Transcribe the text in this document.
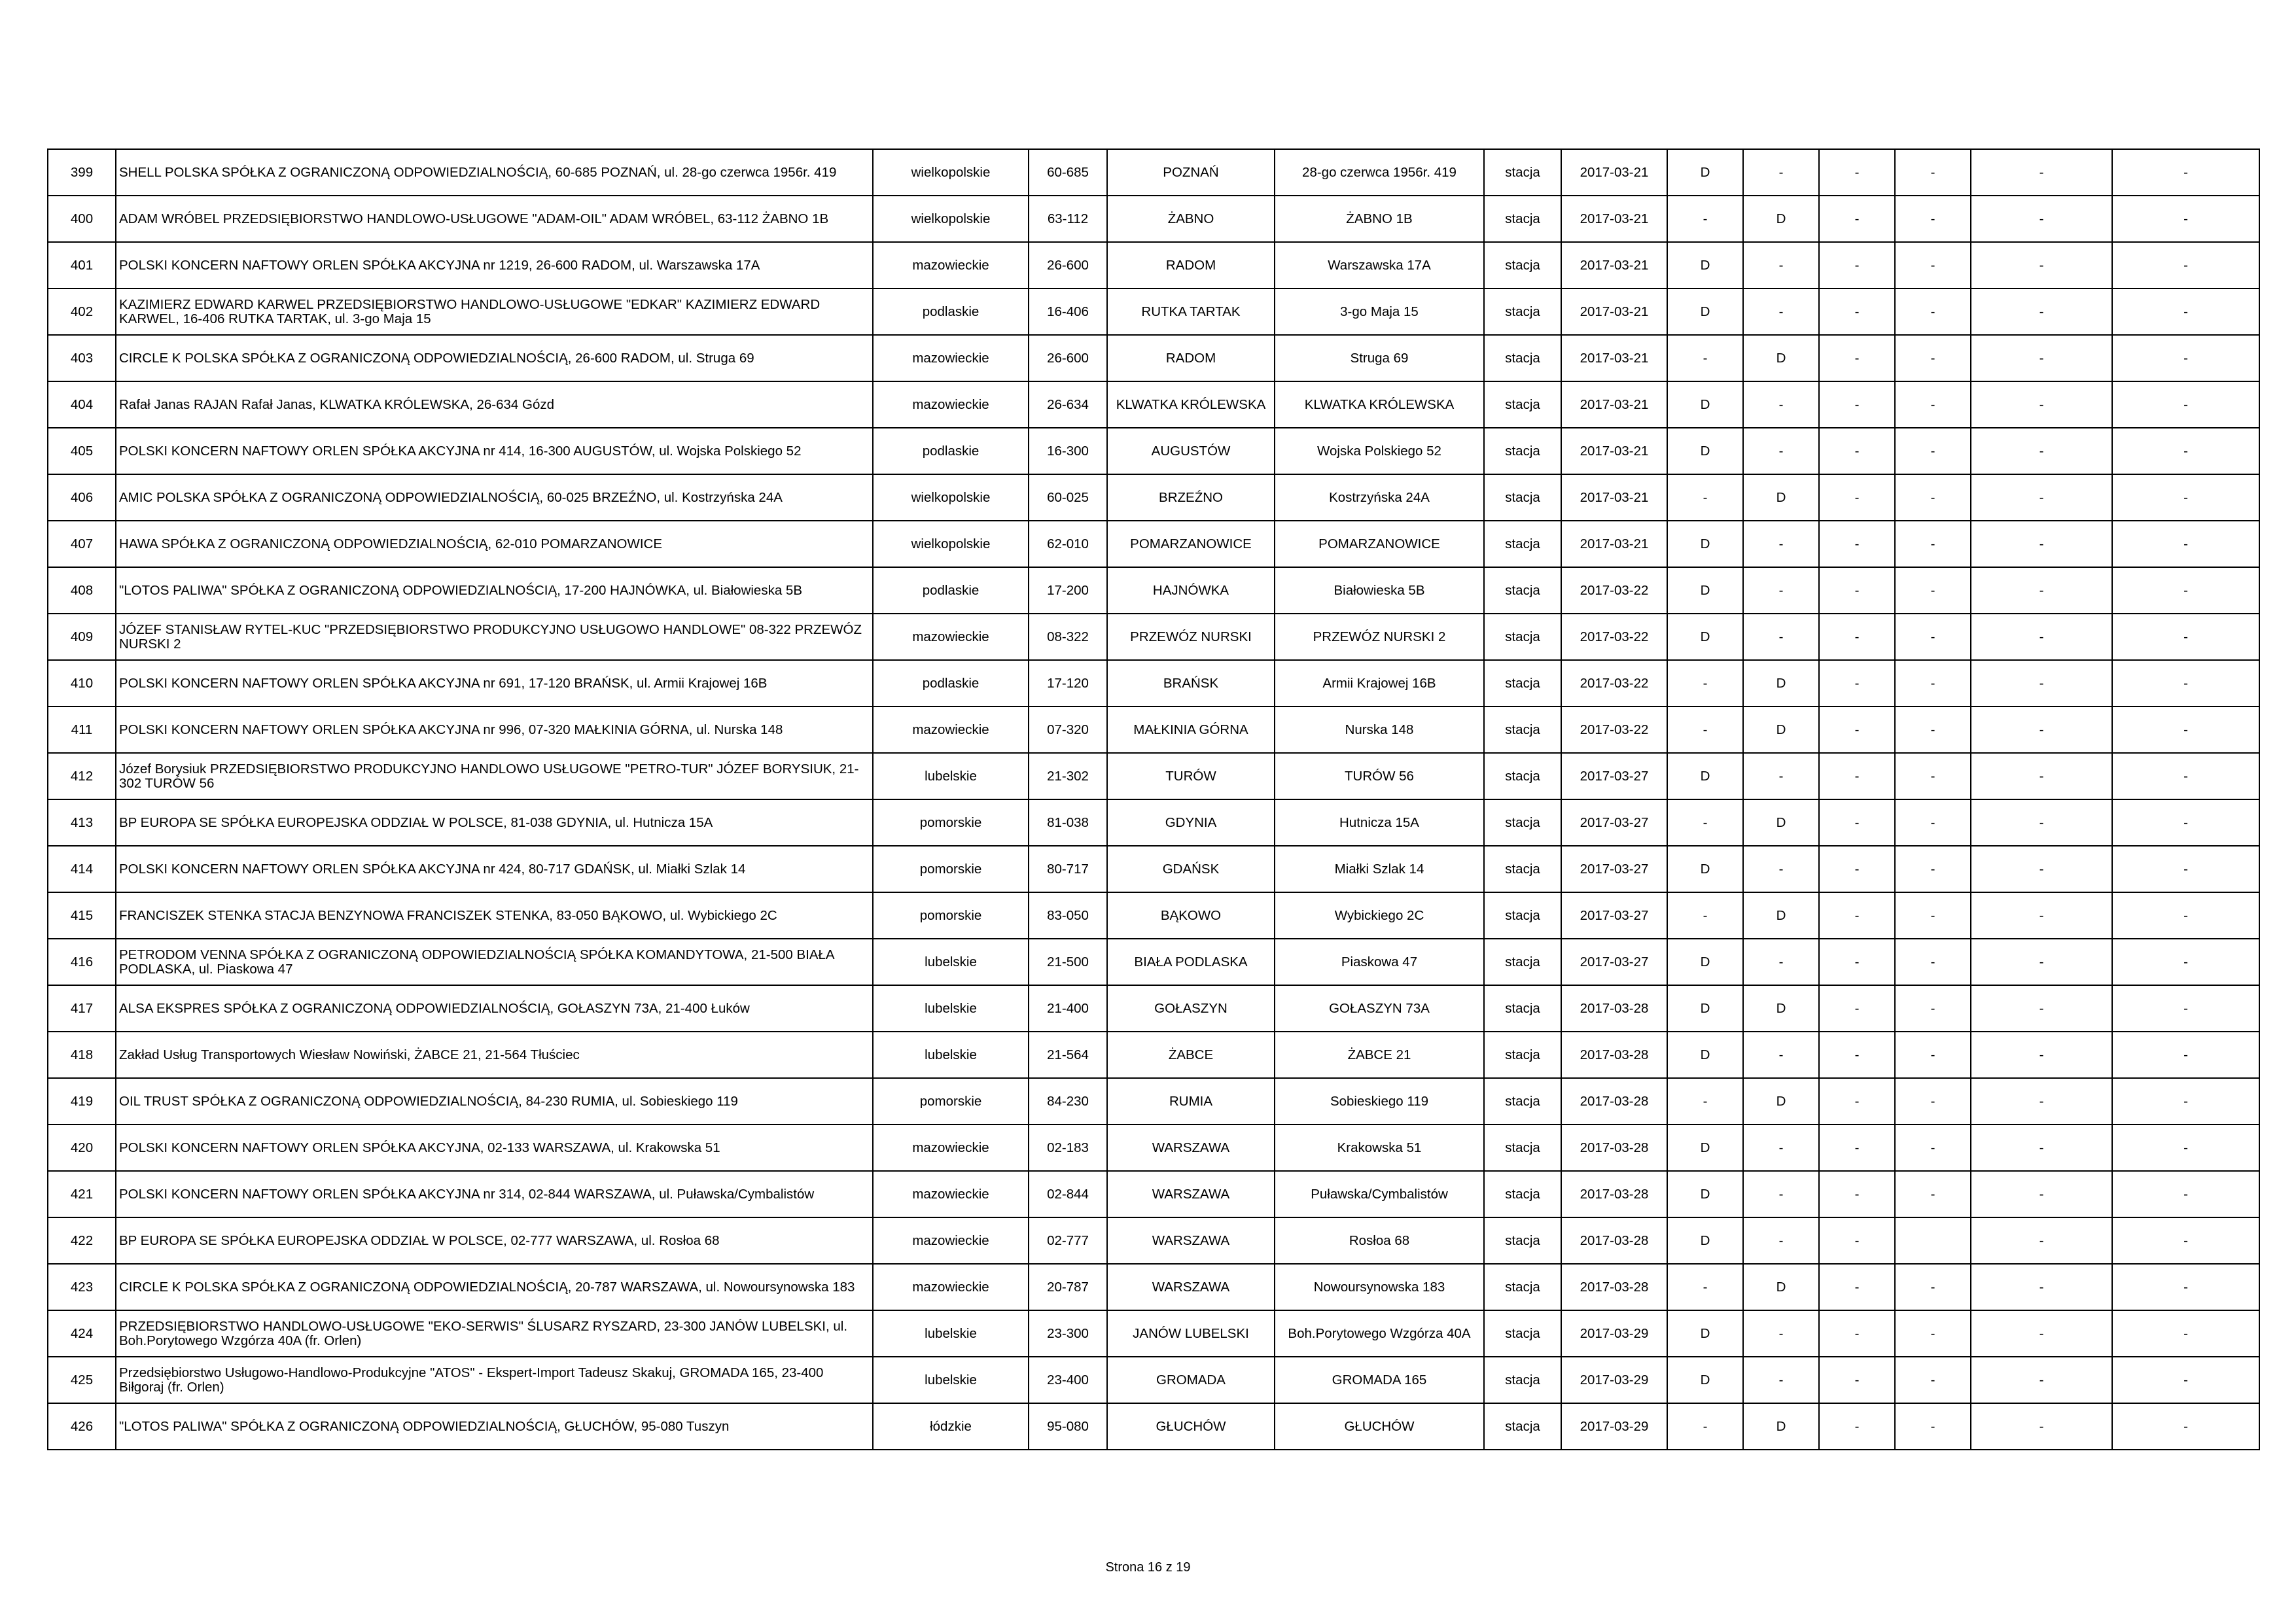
399	SHELL POLSKA SPÓŁKA Z OGRANICZONĄ ODPOWIEDZIALNOŚCIĄ, 60-685 POZNAŃ, ul. 28-go czerwca 1956r. 419	wielkopolskie	60-685	POZNAŃ	28-go czerwca 1956r. 419	stacja	2017-03-21	D	-	-	-	-	-
400	ADAM WRÓBEL PRZEDSIĘBIORSTWO HANDLOWO-USŁUGOWE "ADAM-OIL" ADAM WRÓBEL, 63-112 ŻABNO 1B	wielkopolskie	63-112	ŻABNO	ŻABNO 1B	stacja	2017-03-21	-	D	-	-	-	-
401	POLSKI KONCERN NAFTOWY ORLEN SPÓŁKA AKCYJNA nr 1219, 26-600 RADOM, ul. Warszawska 17A	mazowieckie	26-600	RADOM	Warszawska 17A	stacja	2017-03-21	D	-	-	-	-	-
402	KAZIMIERZ EDWARD KARWEL PRZEDSIĘBIORSTWO HANDLOWO-USŁUGOWE "EDKAR" KAZIMIERZ EDWARD KARWEL, 16-406 RUTKA TARTAK, ul. 3-go Maja 15	podlaskie	16-406	RUTKA TARTAK	3-go Maja 15	stacja	2017-03-21	D	-	-	-	-	-
403	CIRCLE K POLSKA SPÓŁKA Z OGRANICZONĄ ODPOWIEDZIALNOŚCIĄ, 26-600 RADOM, ul. Struga 69	mazowieckie	26-600	RADOM	Struga 69	stacja	2017-03-21	-	D	-	-	-	-
404	Rafał Janas RAJAN Rafał Janas, KLWATKA KRÓLEWSKA, 26-634 Gózd	mazowieckie	26-634	KLWATKA KRÓLEWSKA	KLWATKA KRÓLEWSKA	stacja	2017-03-21	D	-	-	-	-	-
405	POLSKI KONCERN NAFTOWY ORLEN SPÓŁKA AKCYJNA nr 414, 16-300 AUGUSTÓW, ul. Wojska Polskiego 52	podlaskie	16-300	AUGUSTÓW	Wojska Polskiego 52	stacja	2017-03-21	D	-	-	-	-	-
406	AMIC POLSKA SPÓŁKA Z OGRANICZONĄ ODPOWIEDZIALNOŚCIĄ, 60-025 BRZEŹNO, ul. Kostrzyńska 24A	wielkopolskie	60-025	BRZEŹNO	Kostrzyńska 24A	stacja	2017-03-21	-	D	-	-	-	-
407	HAWA SPÓŁKA Z OGRANICZONĄ ODPOWIEDZIALNOŚCIĄ, 62-010 POMARZANOWICE	wielkopolskie	62-010	POMARZANOWICE	POMARZANOWICE	stacja	2017-03-21	D	-	-	-	-	-
408	"LOTOS PALIWA" SPÓŁKA Z OGRANICZONĄ ODPOWIEDZIALNOŚCIĄ, 17-200 HAJNÓWKA, ul. Białowieska 5B	podlaskie	17-200	HAJNÓWKA	Białowieska 5B	stacja	2017-03-22	D	-	-	-	-	-
409	JÓZEF STANISŁAW RYTEL-KUC "PRZEDSIĘBIORSTWO PRODUKCYJNO USŁUGOWO HANDLOWE" 08-322 PRZEWÓZ NURSKI 2	mazowieckie	08-322	PRZEWÓZ NURSKI	PRZEWÓZ NURSKI 2	stacja	2017-03-22	D	-	-	-	-	-
410	POLSKI KONCERN NAFTOWY ORLEN SPÓŁKA AKCYJNA nr 691, 17-120 BRAŃSK, ul. Armii Krajowej 16B	podlaskie	17-120	BRAŃSK	Armii Krajowej 16B	stacja	2017-03-22	-	D	-	-	-	-
411	POLSKI KONCERN NAFTOWY ORLEN SPÓŁKA AKCYJNA nr 996, 07-320 MAŁKINIA GÓRNA, ul. Nurska 148	mazowieckie	07-320	MAŁKINIA GÓRNA	Nurska 148	stacja	2017-03-22	-	D	-	-	-	-
412	Józef Borysiuk PRZEDSIĘBIORSTWO PRODUKCYJNO HANDLOWO USŁUGOWE "PETRO-TUR" JÓZEF BORYSIUK, 21-302 TURÓW 56	lubelskie	21-302	TURÓW	TURÓW 56	stacja	2017-03-27	D	-	-	-	-	-
413	BP EUROPA SE SPÓŁKA EUROPEJSKA ODDZIAŁ W POLSCE, 81-038 GDYNIA, ul. Hutnicza 15A	pomorskie	81-038	GDYNIA	Hutnicza 15A	stacja	2017-03-27	-	D	-	-	-	-
414	POLSKI KONCERN NAFTOWY ORLEN SPÓŁKA AKCYJNA nr 424, 80-717 GDAŃSK, ul. Miałki Szlak 14	pomorskie	80-717	GDAŃSK	Miałki Szlak 14	stacja	2017-03-27	D	-	-	-	-	-
415	FRANCISZEK STENKA STACJA BENZYNOWA FRANCISZEK STENKA, 83-050 BĄKOWO, ul. Wybickiego 2C	pomorskie	83-050	BĄKOWO	Wybickiego 2C	stacja	2017-03-27	-	D	-	-	-	-
416	PETRODOM VENNA SPÓŁKA Z OGRANICZONĄ ODPOWIEDZIALNOŚCIĄ SPÓŁKA KOMANDYTOWA, 21-500 BIAŁA PODLASKA, ul. Piaskowa 47	lubelskie	21-500	BIAŁA PODLASKA	Piaskowa 47	stacja	2017-03-27	D	-	-	-	-	-
417	ALSA EKSPRES SPÓŁKA Z OGRANICZONĄ ODPOWIEDZIALNOŚCIĄ, GOŁASZYN 73A, 21-400 Łuków	lubelskie	21-400	GOŁASZYN	GOŁASZYN 73A	stacja	2017-03-28	D	D	-	-	-	-
418	Zakład Usług Transportowych Wiesław Nowiński, ŻABCE 21, 21-564 Tłuściec	lubelskie	21-564	ŻABCE	ŻABCE 21	stacja	2017-03-28	D	-	-	-	-	-
419	OIL TRUST SPÓŁKA Z OGRANICZONĄ ODPOWIEDZIALNOŚCIĄ, 84-230 RUMIA, ul. Sobieskiego 119	pomorskie	84-230	RUMIA	Sobieskiego 119	stacja	2017-03-28	-	D	-	-	-	-
420	POLSKI KONCERN NAFTOWY ORLEN SPÓŁKA AKCYJNA, 02-133 WARSZAWA, ul. Krakowska 51	mazowieckie	02-183	WARSZAWA	Krakowska 51	stacja	2017-03-28	D	-	-	-	-	-
421	POLSKI KONCERN NAFTOWY ORLEN SPÓŁKA AKCYJNA nr 314, 02-844 WARSZAWA, ul. Puławska/Cymbalistów	mazowieckie	02-844	WARSZAWA	Puławska/Cymbalistów	stacja	2017-03-28	D	-	-	-	-	-
422	BP EUROPA SE SPÓŁKA EUROPEJSKA ODDZIAŁ W POLSCE, 02-777 WARSZAWA, ul. Rosłoa 68	mazowieckie	02-777	WARSZAWA	Rosłoa 68	stacja	2017-03-28	D	-	-		-	-
423	CIRCLE K POLSKA SPÓŁKA Z OGRANICZONĄ ODPOWIEDZIALNOŚCIĄ, 20-787 WARSZAWA, ul. Nowoursynowska 183	mazowieckie	20-787	WARSZAWA	Nowoursynowska 183	stacja	2017-03-28	-	D	-	-	-	-
424	PRZEDSIĘBIORSTWO HANDLOWO-USŁUGOWE "EKO-SERWIS" ŚLUSARZ RYSZARD, 23-300 JANÓW LUBELSKI, ul. Boh.Porytowego Wzgórza 40A (fr. Orlen)	lubelskie	23-300	JANÓW LUBELSKI	Boh.Porytowego Wzgórza 40A	stacja	2017-03-29	D	-	-	-	-	-
425	Przedsiębiorstwo Usługowo-Handlowo-Produkcyjne "ATOS" - Ekspert-Import Tadeusz Skakuj, GROMADA 165, 23-400 Biłgoraj (fr. Orlen)	lubelskie	23-400	GROMADA	GROMADA 165	stacja	2017-03-29	D	-	-	-	-	-
426	"LOTOS PALIWA" SPÓŁKA Z OGRANICZONĄ ODPOWIEDZIALNOŚCIĄ, GŁUCHÓW, 95-080 Tuszyn	łódzkie	95-080	GŁUCHÓW	GŁUCHÓW	stacja	2017-03-29	-	D	-	-	-	-
Strona 16 z 19
